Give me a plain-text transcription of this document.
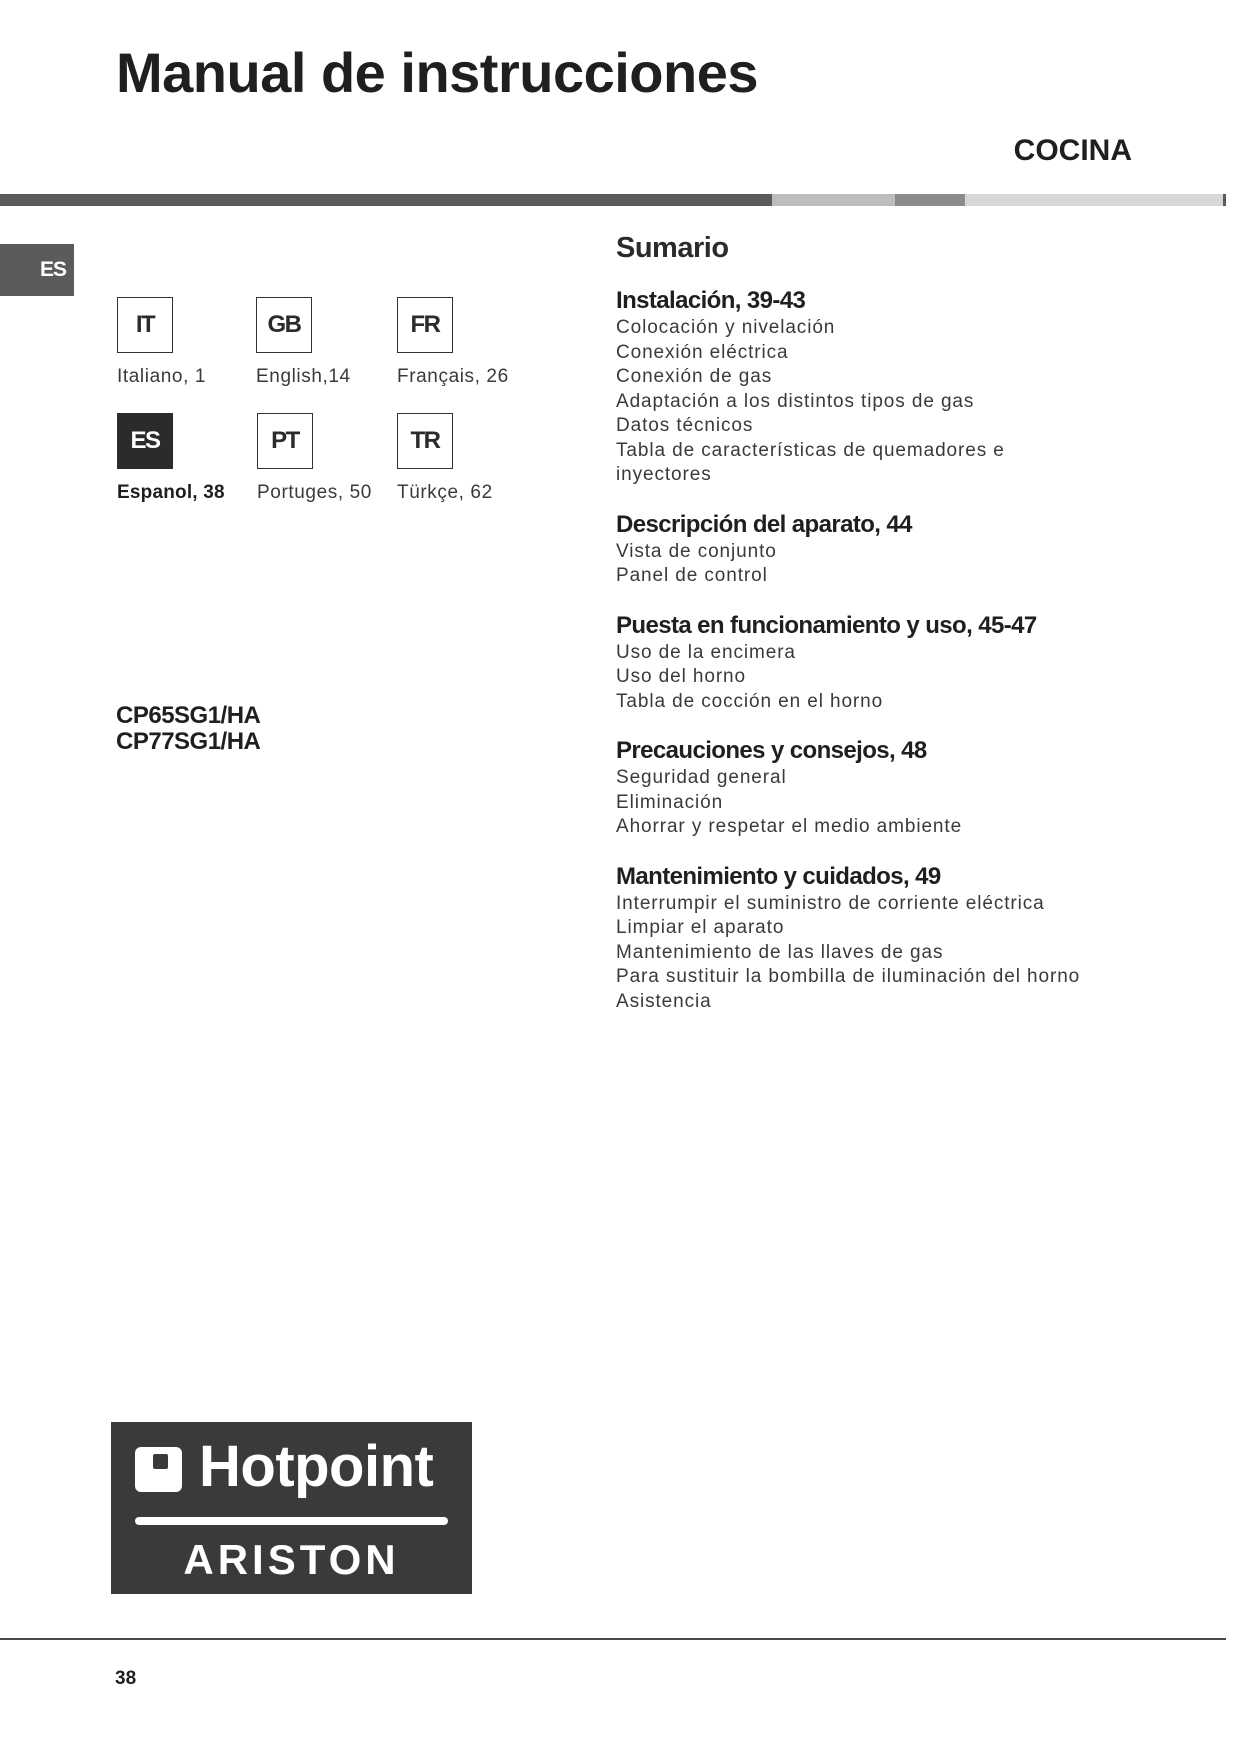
Manual de instrucciones
COCINA
ES
IT	GB	FR
Italiano, 1	English,14 Français, 26
ES	PT	TR
Espanol, 38 Portuges, 50 Türkçe, 62
CP65SG1/HA
CP77SG1/HA
Sumario
Instalación, 39-43
Colocación y nivelación
Conexión eléctrica
Conexión de gas
Adaptación a los distintos tipos de gas
Datos técnicos
Tabla de características de quemadores e inyectores
Descripción del aparato, 44
Vista de conjunto
Panel de control
Puesta en funcionamiento y uso, 45-47
Uso de la encimera
Uso del horno
Tabla de cocción en el horno
Precauciones y consejos, 48
Seguridad general
Eliminación
Ahorrar y respetar el medio ambiente
Mantenimiento y cuidados, 49
Interrumpir el suministro de corriente eléctrica
Limpiar el aparato
Mantenimiento de las llaves de gas
Para sustituir la bombilla de iluminación del horno
Asistencia
Hotpoint
ARISTON
38
